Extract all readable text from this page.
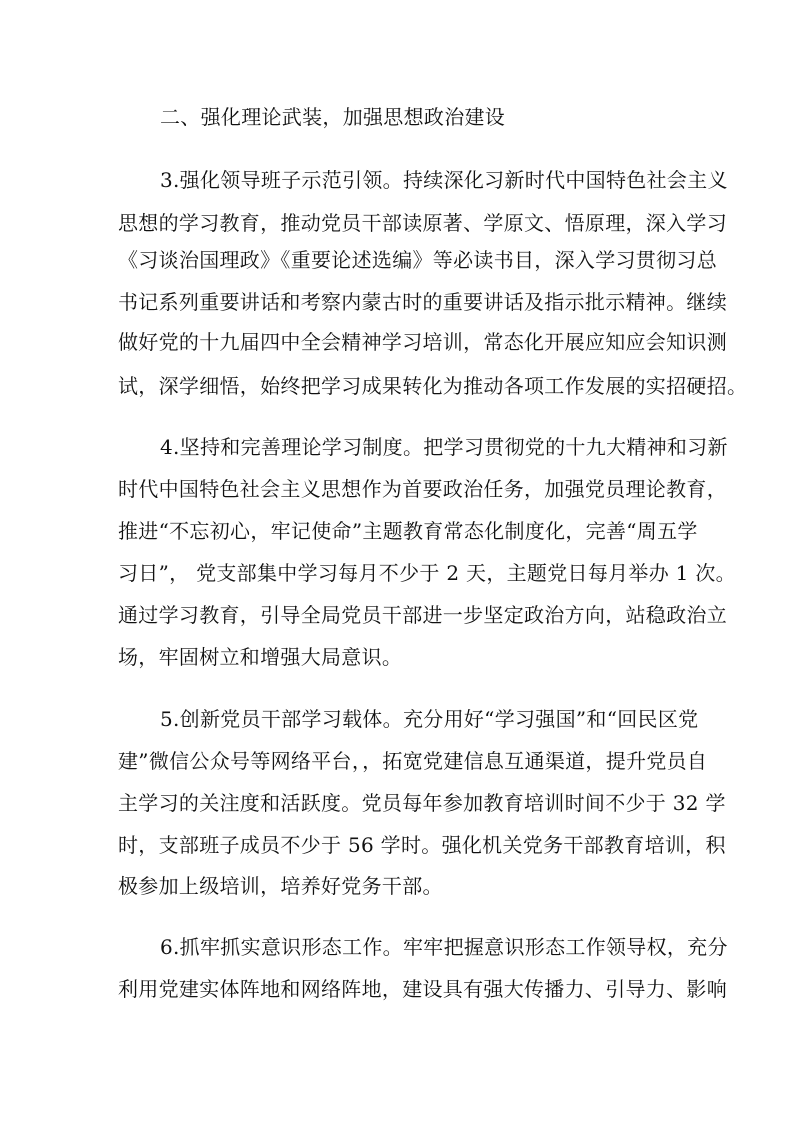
二、强化理论武装，加强思想政治建设
3.强化领导班子示范引领。持续深化习新时代中国特色社会主义
思想的学习教育，推动党员干部读原著、学原文、悟原理，深入学习
《习谈治国理政》《重要论述选编》等必读书目，深入学习贯彻习总
书记系列重要讲话和考察内蒙古时的重要讲话及指示批示精神。继续
做好党的十九届四中全会精神学习培训，常态化开展应知应会知识测
试，深学细悟，始终把学习成果转化为推动各项工作发展的实招硬招。
4.坚持和完善理论学习制度。把学习贯彻党的十九大精神和习新
时代中国特色社会主义思想作为首要政治任务，加强党员理论教育，
推进“不忘初心，牢记使命”主题教育常态化制度化，完善“周五学
习日”， 党支部集中学习每月不少于 2 天，主题党日每月举办 1 次。
通过学习教育，引导全局党员干部进一步坚定政治方向，站稳政治立
场，牢固树立和增强大局意识。
5.创新党员干部学习载体。充分用好“学习强国”和“回民区党
建”微信公众号等网络平台，，拓宽党建信息互通渠道，提升党员自
主学习的关注度和活跃度。党员每年参加教育培训时间不少于 32 学
时，支部班子成员不少于 56 学时。强化机关党务干部教育培训，积
极参加上级培训，培养好党务干部。
6.抓牢抓实意识形态工作。牢牢把握意识形态工作领导权，充分
利用党建实体阵地和网络阵地，建设具有强大传播力、引导力、影响
